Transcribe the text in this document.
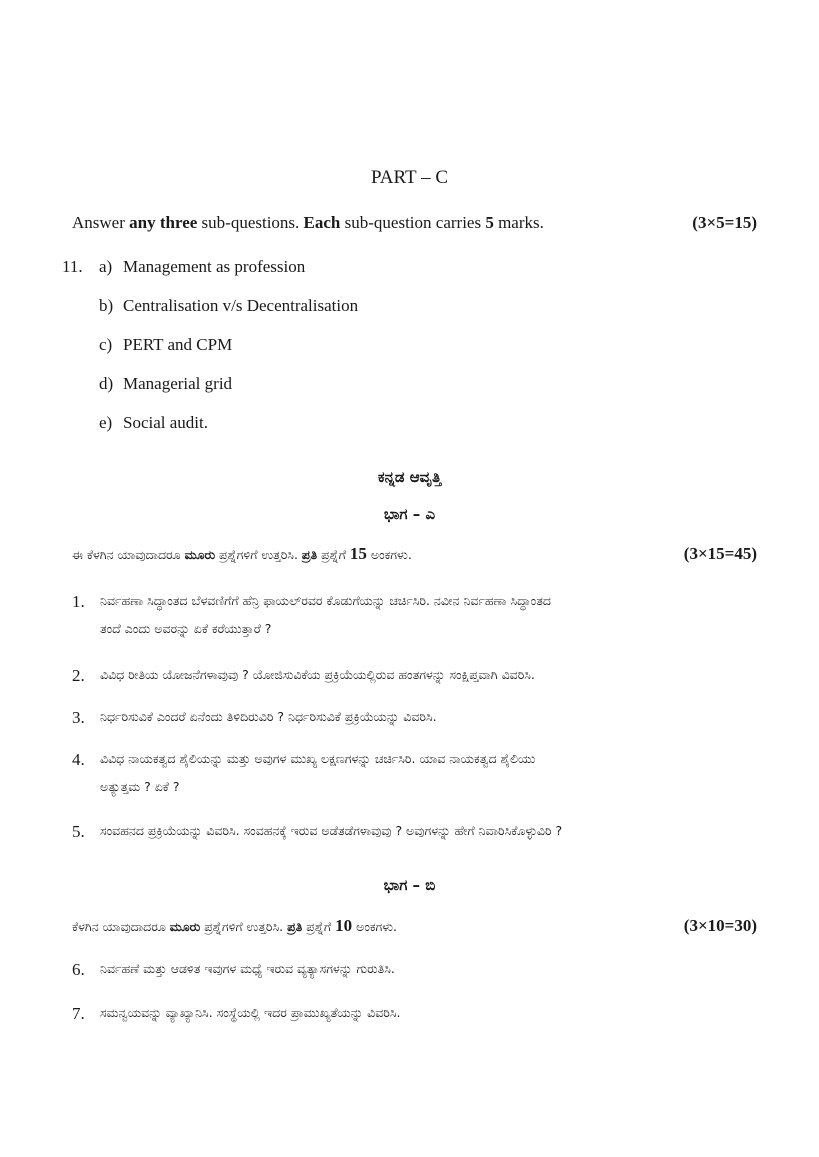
PART – C
Answer any three sub-questions. Each sub-question carries 5 marks.	(3×5=15)
11. a) Management as profession
b) Centralisation v/s Decentralisation
c) PERT and CPM
d) Managerial grid
e) Social audit.
ಕನ್ನಡ ಆವೃತ್ತಿ
ಭಾಗ – ಎ
ಈ ಕೆಳಗಿನ ಯಾವುದಾದರೂ ಮೂರು ಪ್ರಶ್ನೆಗಳಿಗೆ ಉತ್ತರಿಸಿ. ಪ್ರತಿ ಪ್ರಶ್ನೆಗೆ 15 ಅಂಕಗಳು.	(3×15=45)
1.	ನಿರ್ವಹಣಾ ಸಿದ್ಧಾಂತದ ಬೆಳವಣಿಗೆಗೆ ಹೆನ್ರಿ ಫಾಯಲ್‌ರವರ ಕೊಡುಗೆಯನ್ನು ಚರ್ಚಿಸಿರಿ. ನವೀನ ನಿರ್ವಹಣಾ ಸಿದ್ಧಾಂತದ
ತಂದೆ ಎಂದು ಅವರನ್ನು ಏಕೆ ಕರೆಯುತ್ತಾರೆ ?
2.	ವಿವಿಧ ರೀತಿಯ ಯೋಜನೆಗಳಾವುವು ? ಯೋಜಿಸುವಿಕೆಯ ಪ್ರಕ್ರಿಯೆಯಲ್ಲಿರುವ ಹಂತಗಳನ್ನು ಸಂಕ್ಷಿಪ್ತವಾಗಿ ವಿವರಿಸಿ.
3.	ನಿರ್ಧರಿಸುವಿಕೆ ಎಂದರೆ ಏನೆಂದು ತಿಳಿದಿರುವಿರಿ ? ನಿರ್ಧರಿಸುವಿಕೆ ಪ್ರಕ್ರಿಯೆಯನ್ನು ವಿವರಿಸಿ.
4.	ವಿವಿಧ ನಾಯಕತ್ವದ ಶೈಲಿಯನ್ನು ಮತ್ತು ಅವುಗಳ ಮುಖ್ಯ ಲಕ್ಷಣಗಳನ್ನು ಚರ್ಚಿಸಿರಿ. ಯಾವ ನಾಯಕತ್ವದ ಶೈಲಿಯು
ಅತ್ಯುತ್ತಮ ? ಏಕೆ ?
5.	ಸಂವಹನದ ಪ್ರಕ್ರಿಯೆಯನ್ನು ವಿವರಿಸಿ. ಸಂವಹನಕ್ಕೆ ಇರುವ ಅಡೆತಡೆಗಳಾವುವು ? ಅವುಗಳನ್ನು ಹೇಗೆ ನಿವಾರಿಸಿಕೊಳ್ಳುವಿರಿ ?
ಭಾಗ – ಬಿ
ಕೆಳಗಿನ ಯಾವುದಾದರೂ ಮೂರು ಪ್ರಶ್ನೆಗಳಿಗೆ ಉತ್ತರಿಸಿ. ಪ್ರತಿ ಪ್ರಶ್ನೆಗೆ 10 ಅಂಕಗಳು.	(3×10=30)
6.	ನಿರ್ವಹಣೆ ಮತ್ತು ಆಡಳಿತ ಇವುಗಳ ಮಧ್ಯೆ ಇರುವ ವ್ಯತ್ಯಾಸಗಳನ್ನು ಗುರುತಿಸಿ.
7.	ಸಮನ್ವಯವನ್ನು ವ್ಯಾಖ್ಯಾನಿಸಿ. ಸಂಸ್ಥೆಯಲ್ಲಿ ಇದರ ಪ್ರಾಮುಖ್ಯತೆಯನ್ನು ವಿವರಿಸಿ.
